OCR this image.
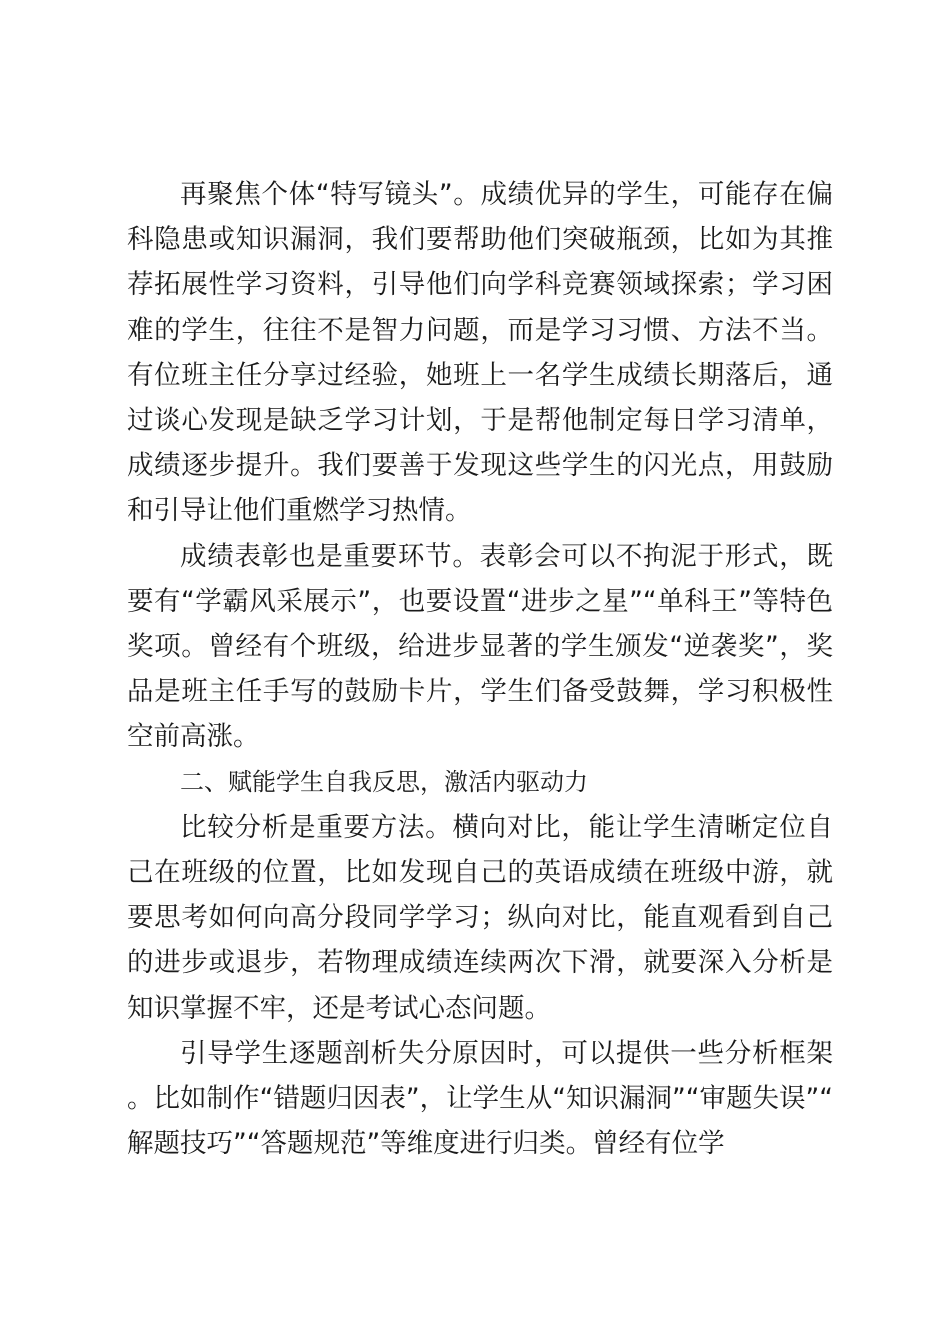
再聚焦个体“特写镜头”。成绩优异的学生，可能存在偏科隐患或知识漏洞，我们要帮助他们突破瓶颈，比如为其推荐拓展性学习资料，引导他们向学科竞赛领域探索；学习困难的学生，往往不是智力问题，而是学习习惯、方法不当。有位班主任分享过经验，她班上一名学生成绩长期落后，通过谈心发现是缺乏学习计划，于是帮他制定每日学习清单，成绩逐步提升。我们要善于发现这些学生的闪光点，用鼓励和引导让他们重燃学习热情。

成绩表彰也是重要环节。表彰会可以不拘泥于形式，既要有“学霸风采展示”，也要设置“进步之星”“单科王”等特色奖项。曾经有个班级，给进步显著的学生颁发“逆袭奖”，奖品是班主任手写的鼓励卡片，学生们备受鼓舞，学习积极性空前高涨。

二、赋能学生自我反思，激活内驱动力

比较分析是重要方法。横向对比，能让学生清晰定位自己在班级的位置，比如发现自己的英语成绩在班级中游，就要思考如何向高分段同学学习；纵向对比，能直观看到自己的进步或退步，若物理成绩连续两次下滑，就要深入分析是知识掌握不牢，还是考试心态问题。

引导学生逐题剖析失分原因时，可以提供一些分析框架。比如制作“错题归因表”，让学生从“知识漏洞”“审题失误”“解题技巧”“答题规范”等维度进行归类。曾经有位学
